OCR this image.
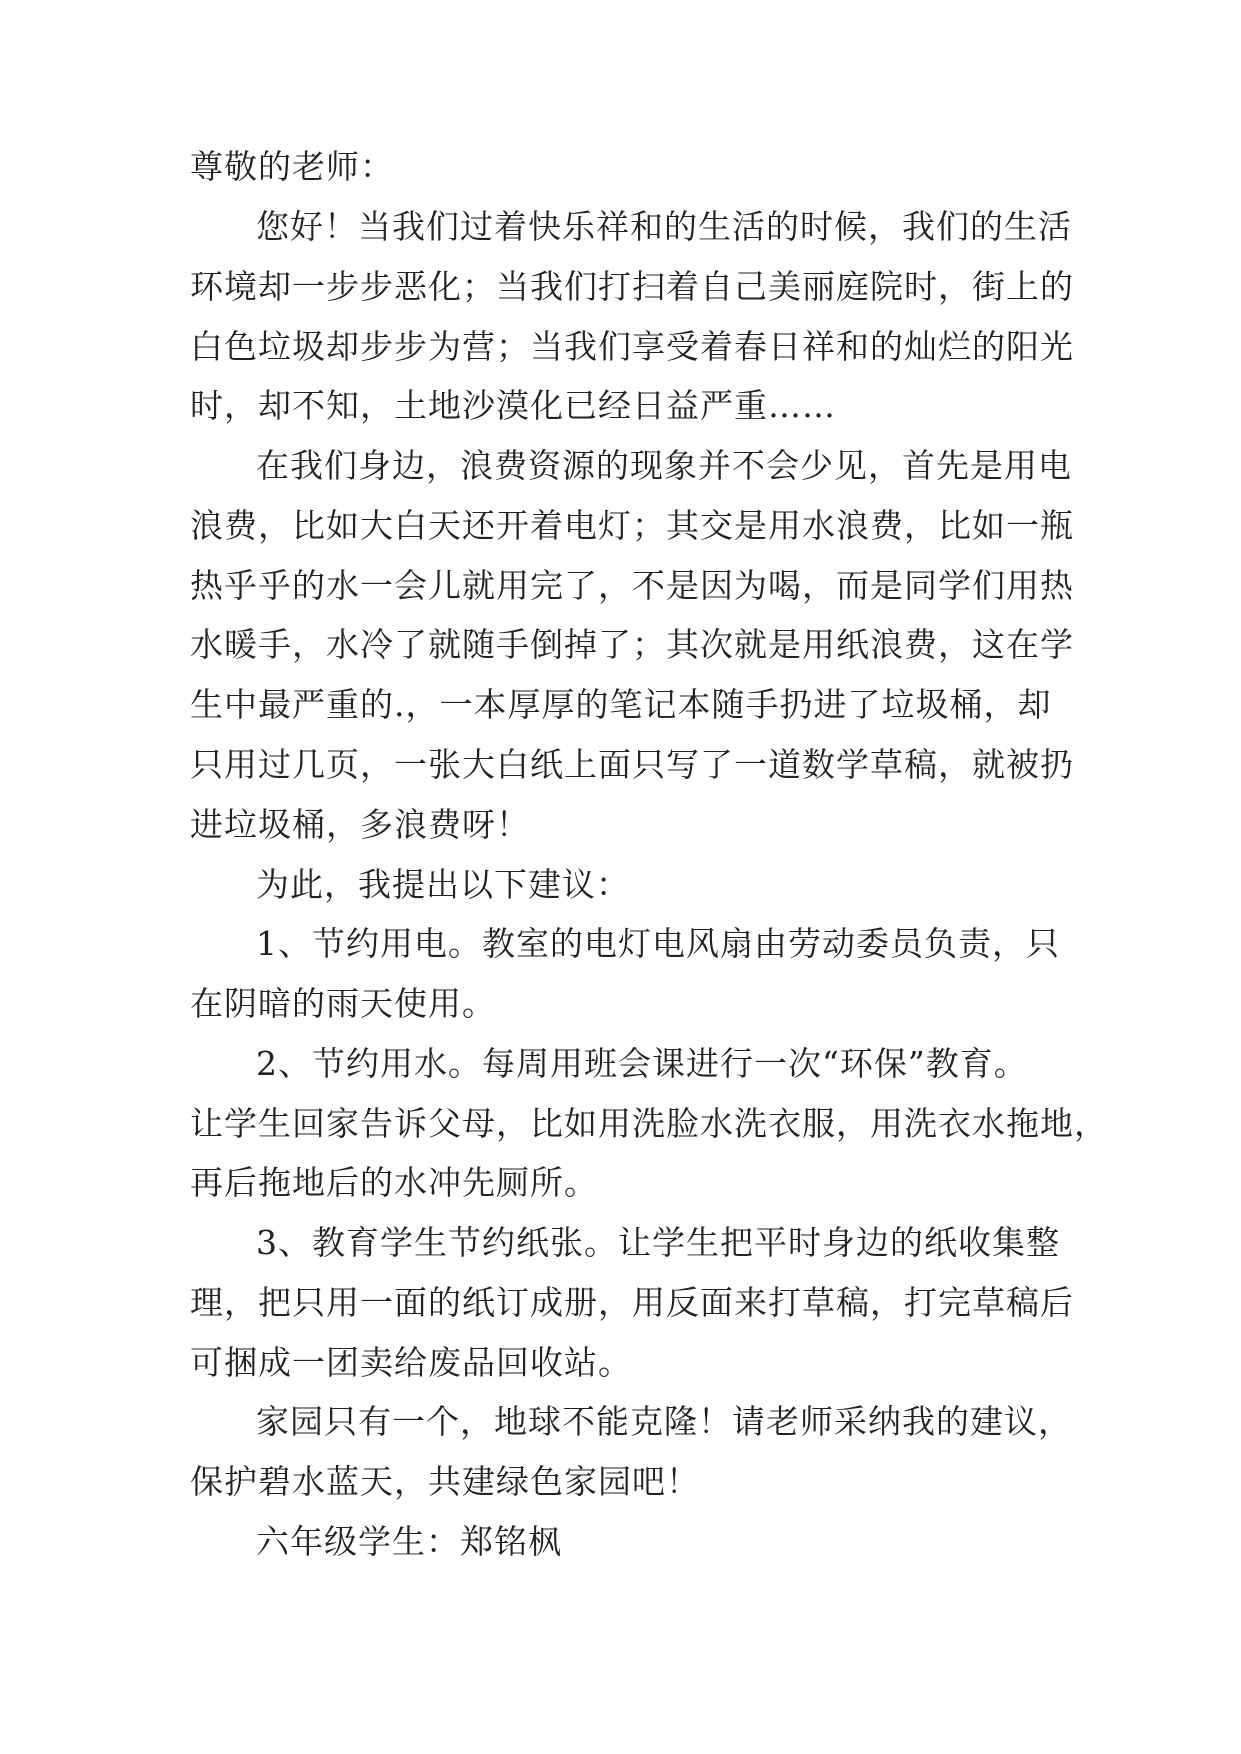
尊敬的老师：
您好！当我们过着快乐祥和的生活的时候，我们的生活
环境却一步步恶化；当我们打扫着自己美丽庭院时，街上的
白色垃圾却步步为营；当我们享受着春日祥和的灿烂的阳光
时，却不知，土地沙漠化已经日益严重……
在我们身边，浪费资源的现象并不会少见，首先是用电
浪费，比如大白天还开着电灯；其交是用水浪费，比如一瓶
热乎乎的水一会儿就用完了，不是因为喝，而是同学们用热
水暖手，水冷了就随手倒掉了；其次就是用纸浪费，这在学
生中最严重的.，一本厚厚的笔记本随手扔进了垃圾桶，却
只用过几页，一张大白纸上面只写了一道数学草稿，就被扔
进垃圾桶，多浪费呀！
为此，我提出以下建议：
1、节约用电。教室的电灯电风扇由劳动委员负责，只
在阴暗的雨天使用。
2、节约用水。每周用班会课进行一次“环保”教育。
让学生回家告诉父母，比如用洗脸水洗衣服，用洗衣水拖地，
再后拖地后的水冲先厕所。
3、教育学生节约纸张。让学生把平时身边的纸收集整
理，把只用一面的纸订成册，用反面来打草稿，打完草稿后
可捆成一团卖给废品回收站。
家园只有一个，地球不能克隆！请老师采纳我的建议，
保护碧水蓝天，共建绿色家园吧！
六年级学生：郑铭枫
